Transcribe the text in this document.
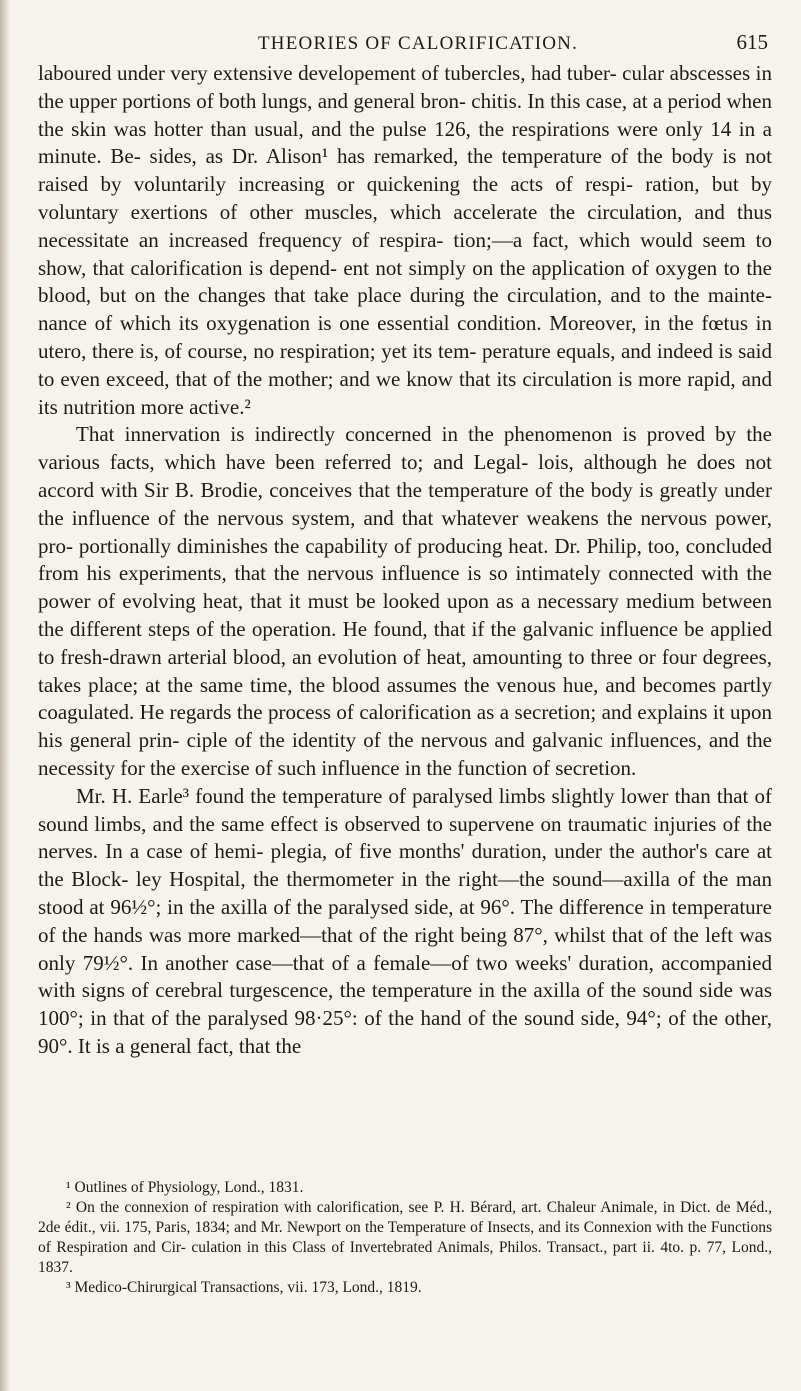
THEORIES OF CALORIFICATION.	615

laboured under very extensive developement of tubercles, had tuber- cular abscesses in the upper portions of both lungs, and general bron- chitis. In this case, at a period when the skin was hotter than usual, and the pulse 126, the respirations were only 14 in a minute. Be- sides, as Dr. Alison¹ has remarked, the temperature of the body is not raised by voluntarily increasing or quickening the acts of respi- ration, but by voluntary exertions of other muscles, which accelerate the circulation, and thus necessitate an increased frequency of respira- tion;—a fact, which would seem to show, that calorification is depend- ent not simply on the application of oxygen to the blood, but on the changes that take place during the circulation, and to the mainte- nance of which its oxygenation is one essential condition. Moreover, in the fœtus in utero, there is, of course, no respiration; yet its tem- perature equals, and indeed is said to even exceed, that of the mother; and we know that its circulation is more rapid, and its nutrition more active.²

That innervation is indirectly concerned in the phenomenon is proved by the various facts, which have been referred to; and Legal- lois, although he does not accord with Sir B. Brodie, conceives that the temperature of the body is greatly under the influence of the nervous system, and that whatever weakens the nervous power, pro- portionally diminishes the capability of producing heat. Dr. Philip, too, concluded from his experiments, that the nervous influence is so intimately connected with the power of evolving heat, that it must be looked upon as a necessary medium between the different steps of the operation. He found, that if the galvanic influence be applied to fresh-drawn arterial blood, an evolution of heat, amounting to three or four degrees, takes place; at the same time, the blood assumes the venous hue, and becomes partly coagulated. He regards the process of calorification as a secretion; and explains it upon his general prin- ciple of the identity of the nervous and galvanic influences, and the necessity for the exercise of such influence in the function of secretion.

Mr. H. Earle³ found the temperature of paralysed limbs slightly lower than that of sound limbs, and the same effect is observed to supervene on traumatic injuries of the nerves. In a case of hemi- plegia, of five months' duration, under the author's care at the Block- ley Hospital, the thermometer in the right—the sound—axilla of the man stood at 96½°; in the axilla of the paralysed side, at 96°. The difference in temperature of the hands was more marked—that of the right being 87°, whilst that of the left was only 79½°. In another case—that of a female—of two weeks' duration, accompanied with signs of cerebral turgescence, the temperature in the axilla of the sound side was 100°; in that of the paralysed 98·25°: of the hand of the sound side, 94°; of the other, 90°. It is a general fact, that the

¹ Outlines of Physiology, Lond., 1831.

² On the connexion of respiration with calorification, see P. H. Bérard, art. Chaleur Animale, in Dict. de Méd., 2de édit., vii. 175, Paris, 1834; and Mr. Newport on the Temperature of Insects, and its Connexion with the Functions of Respiration and Cir- culation in this Class of Invertebrated Animals, Philos. Transact., part ii. 4to. p. 77, Lond., 1837.

³ Medico-Chirurgical Transactions, vii. 173, Lond., 1819.
